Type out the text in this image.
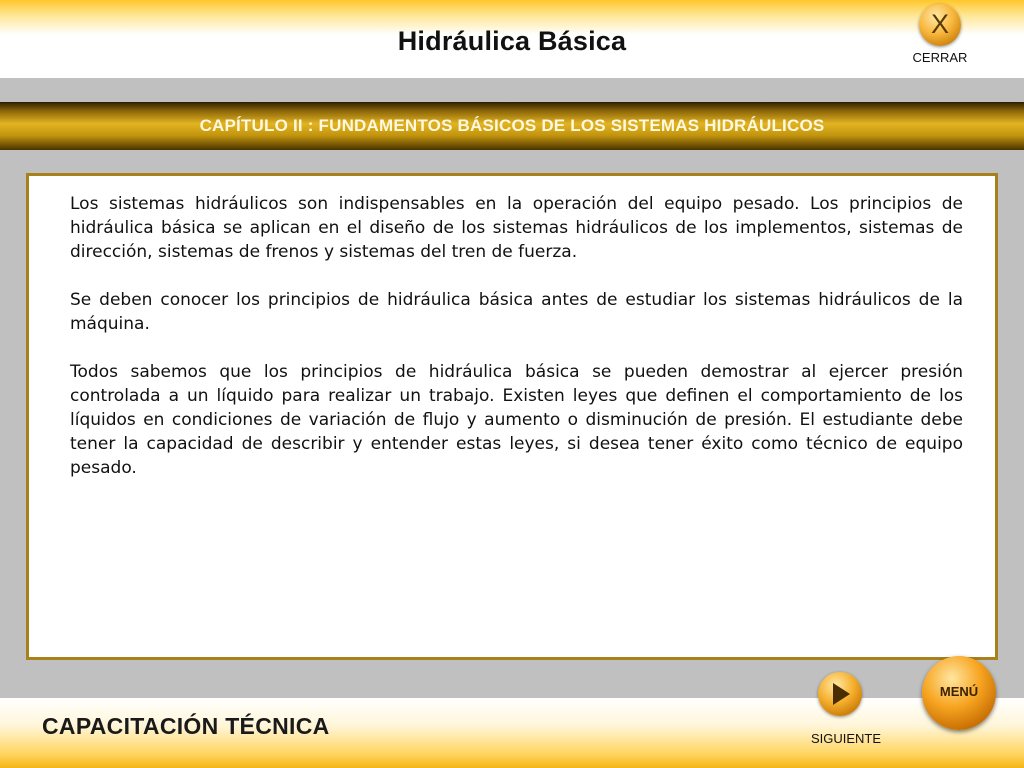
Hidráulica Básica
X
CERRAR
CAPÍTULO II : FUNDAMENTOS BÁSICOS DE LOS SISTEMAS HIDRÁULICOS

Los sistemas hidráulicos son indispensables en la operación del equipo pesado. Los principios de hidráulica básica se aplican en el diseño de los sistemas hidráulicos de los implementos, sistemas de dirección, sistemas de frenos y sistemas del tren de fuerza.

Se deben conocer los principios de hidráulica básica antes de estudiar los sistemas hidráulicos de la máquina.

Todos sabemos que los principios de hidráulica básica se pueden demostrar al ejercer presión controlada a un líquido para realizar un trabajo. Existen leyes que definen el comportamiento de los líquidos en condiciones de variación de flujo y aumento o disminución de presión. El estudiante debe tener la capacidad de describir y entender estas leyes, si desea tener éxito como técnico de equipo pesado.

CAPACITACIÓN TÉCNICA	SIGUIENTE
MENÚ
